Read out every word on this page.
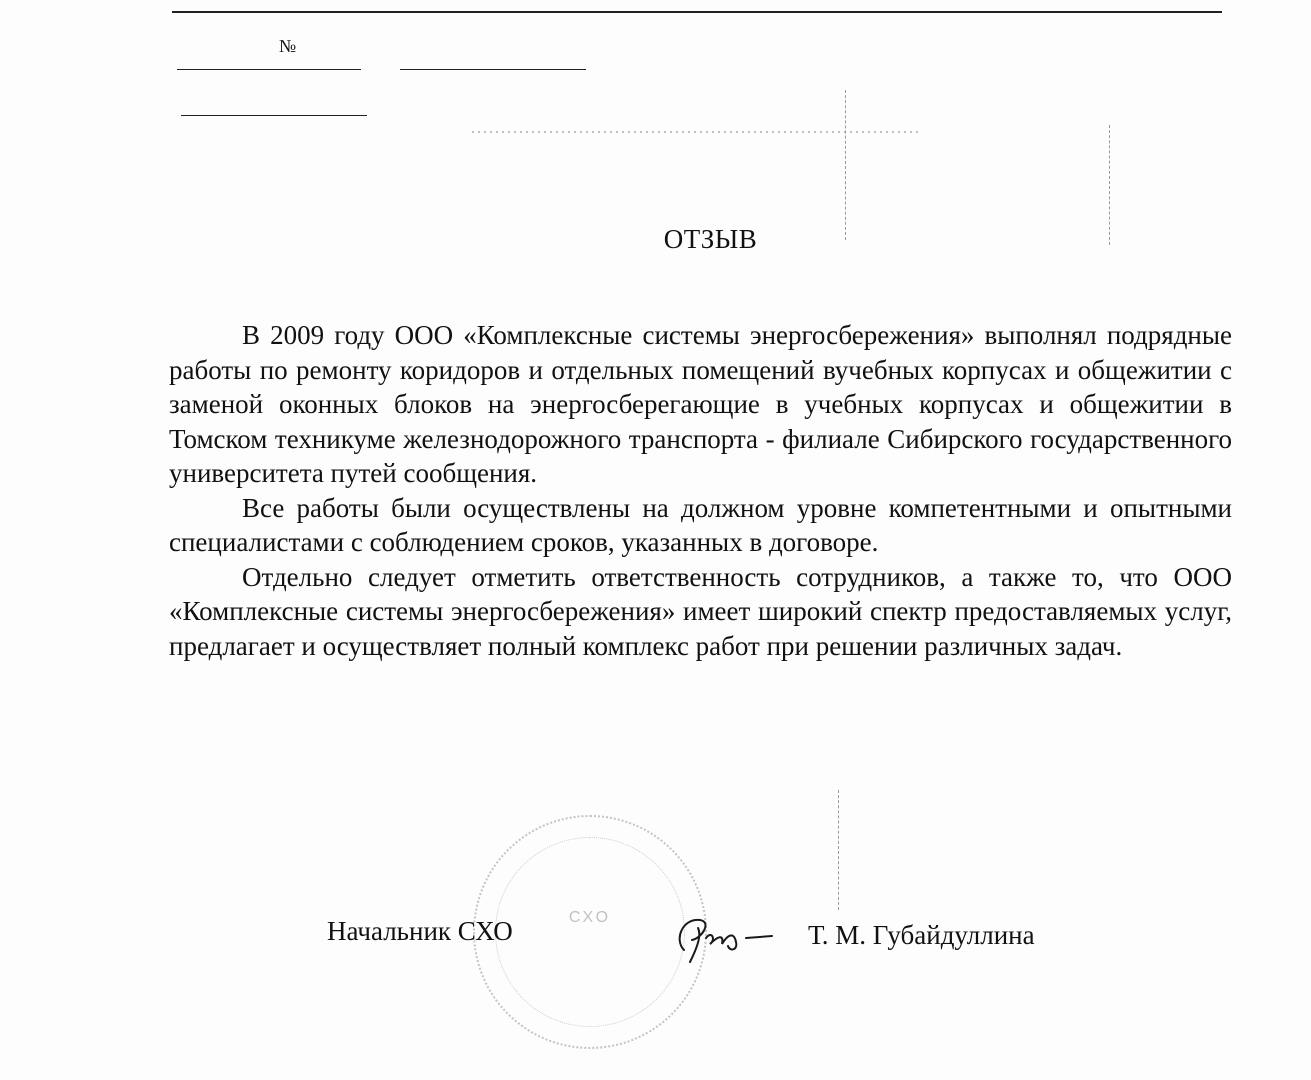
№
ОТЗЫВ

В 2009 году ООО «Комплексные системы энергосбережения» выполнял подрядные работы по ремонту коридоров и отдельных помещений вучебных корпусах и общежитии с заменой оконных блоков на энергосберегающие в учебных корпусах и общежитии в Томском техникуме железнодорожного транспорта - филиале Сибирского государственного университета путей сообщения.

Все работы были осуществлены на должном уровне компетентными и опытными специалистами с соблюдением сроков, указанных в договоре.

Отдельно следует отметить ответственность сотрудников, а также то, что ООО «Комплексные системы энергосбережения» имеет широкий спектр предоставляемых услуг, предлагает и осуществляет полный комплекс работ при решении различных задач.

СХО
Начальник СХО	Т. М. Губайдуллина
